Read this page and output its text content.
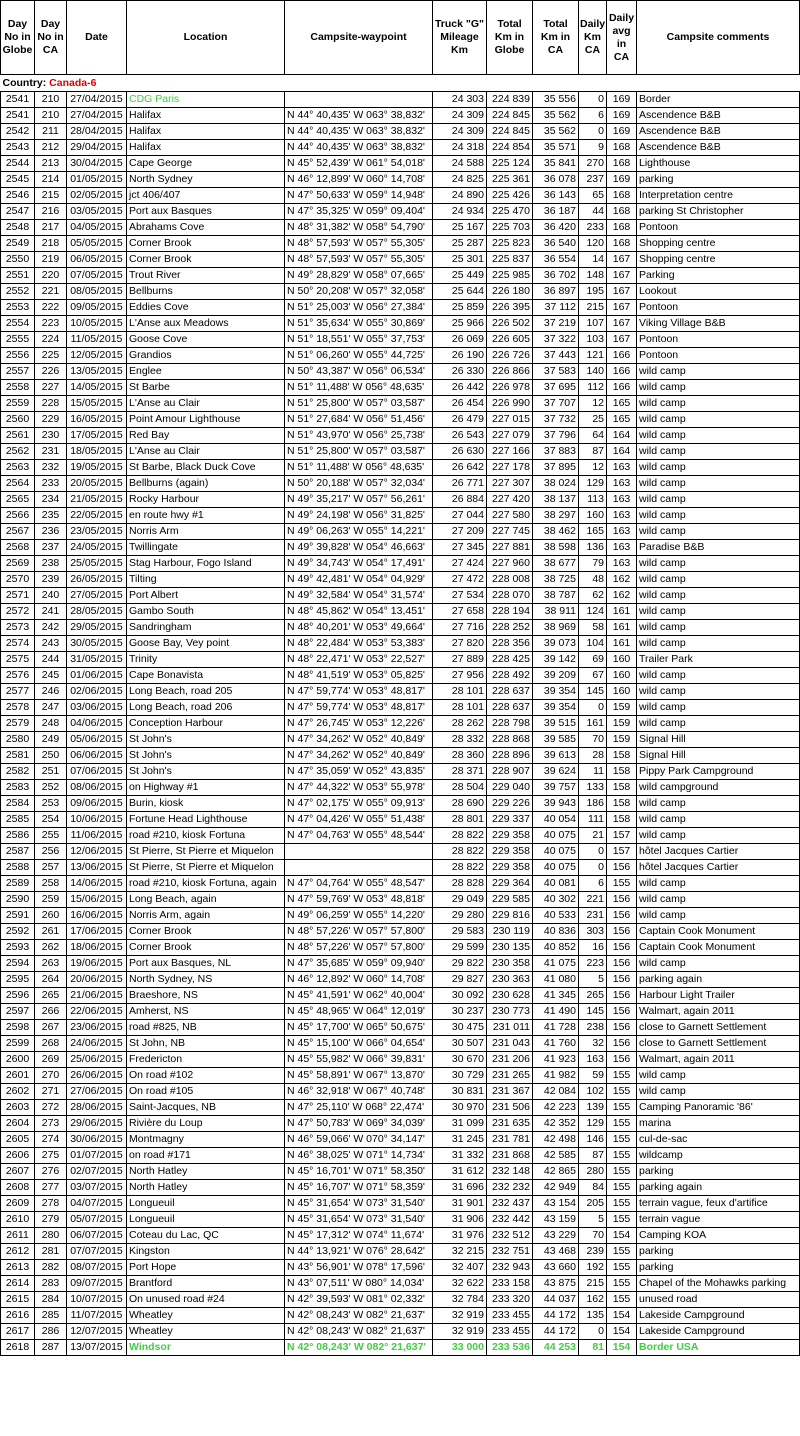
Day No in Globe	Day No in CA	Date	Location	Campsite-waypoint	Truck "G" Mileage Km	Total Km in Globe	Total Km in CA	Daily Km CA	Daily avg in CA	Campsite comments
Country: Canada-6										
2541	210	27/04/2015	CDG Paris		24 303	224 839	35 556	0	169	Border
2541	210	27/04/2015	Halifax	N 44° 40,435' W 063° 38,832'	24 309	224 845	35 562	6	169	Ascendence B&B
2542	211	28/04/2015	Halifax	N 44° 40,435' W 063° 38,832'	24 309	224 845	35 562	0	169	Ascendence B&B
2543	212	29/04/2015	Halifax	N 44° 40,435' W 063° 38,832'	24 318	224 854	35 571	9	168	Ascendence B&B
2544	213	30/04/2015	Cape George	N 45° 52,439' W 061° 54,018'	24 588	225 124	35 841	270	168	Lighthouse
2545	214	01/05/2015	North Sydney	N 46° 12,899' W 060° 14,708'	24 825	225 361	36 078	237	169	parking
2546	215	02/05/2015	jct 406/407	N 47° 50,633' W 059° 14,948'	24 890	225 426	36 143	65	168	Interpretation centre
2547	216	03/05/2015	Port aux Basques	N 47° 35,325' W 059° 09,404'	24 934	225 470	36 187	44	168	parking St Christopher
2548	217	04/05/2015	Abrahams Cove	N 48° 31,382' W 058° 54,790'	25 167	225 703	36 420	233	168	Pontoon
2549	218	05/05/2015	Corner Brook	N 48° 57,593' W 057° 55,305'	25 287	225 823	36 540	120	168	Shopping centre
2550	219	06/05/2015	Corner Brook	N 48° 57,593' W 057° 55,305'	25 301	225 837	36 554	14	167	Shopping centre
2551	220	07/05/2015	Trout River	N 49° 28,829' W 058° 07,665'	25 449	225 985	36 702	148	167	Parking
2552	221	08/05/2015	Bellburns	N 50° 20,208' W 057° 32,058'	25 644	226 180	36 897	195	167	Lookout
2553	222	09/05/2015	Eddies Cove	N 51° 25,003' W 056° 27,384'	25 859	226 395	37 112	215	167	Pontoon
2554	223	10/05/2015	L'Anse aux Meadows	N 51° 35,634' W 055° 30,869'	25 966	226 502	37 219	107	167	Viking Village B&B
2555	224	11/05/2015	Goose Cove	N 51° 18,551' W 055° 37,753'	26 069	226 605	37 322	103	167	Pontoon
2556	225	12/05/2015	Grandios	N 51° 06,260' W 055° 44,725'	26 190	226 726	37 443	121	166	Pontoon
2557	226	13/05/2015	Englee	N 50° 43,387' W 056° 06,534'	26 330	226 866	37 583	140	166	wild camp
2558	227	14/05/2015	St Barbe	N 51° 11,488' W 056° 48,635'	26 442	226 978	37 695	112	166	wild camp
2559	228	15/05/2015	L'Anse au Clair	N 51° 25,800' W 057° 03,587'	26 454	226 990	37 707	12	165	wild camp
2560	229	16/05/2015	Point Amour Lighthouse	N 51° 27,684' W 056° 51,456'	26 479	227 015	37 732	25	165	wild camp
2561	230	17/05/2015	Red Bay	N 51° 43,970' W 056° 25,738'	26 543	227 079	37 796	64	164	wild camp
2562	231	18/05/2015	L'Anse au Clair	N 51° 25,800' W 057° 03,587'	26 630	227 166	37 883	87	164	wild camp
2563	232	19/05/2015	St Barbe, Black Duck Cove	N 51° 11,488' W 056° 48,635'	26 642	227 178	37 895	12	163	wild camp
2564	233	20/05/2015	Bellburns (again)	N 50° 20,188' W 057° 32,034'	26 771	227 307	38 024	129	163	wild camp
2565	234	21/05/2015	Rocky Harbour	N 49° 35,217' W 057° 56,261'	26 884	227 420	38 137	113	163	wild camp
2566	235	22/05/2015	en route hwy #1	N 49° 24,198' W 056° 31,825'	27 044	227 580	38 297	160	163	wild camp
2567	236	23/05/2015	Norris Arm	N 49° 06,263' W 055° 14,221'	27 209	227 745	38 462	165	163	wild camp
2568	237	24/05/2015	Twillingate	N 49° 39,828' W 054° 46,663'	27 345	227 881	38 598	136	163	Paradise B&B
2569	238	25/05/2015	Stag Harbour, Fogo Island	N 49° 34,743' W 054° 17,491'	27 424	227 960	38 677	79	163	wild camp
2570	239	26/05/2015	Tilting	N 49° 42,481' W 054° 04,929'	27 472	228 008	38 725	48	162	wild camp
2571	240	27/05/2015	Port Albert	N 49° 32,584' W 054° 31,574'	27 534	228 070	38 787	62	162	wild camp
2572	241	28/05/2015	Gambo South	N 48° 45,862' W 054° 13,451'	27 658	228 194	38 911	124	161	wild camp
2573	242	29/05/2015	Sandringham	N 48° 40,201' W 053° 49,664'	27 716	228 252	38 969	58	161	wild camp
2574	243	30/05/2015	Goose Bay, Vey point	N 48° 22,484' W 053° 53,383'	27 820	228 356	39 073	104	161	wild camp
2575	244	31/05/2015	Trinity	N 48° 22,471' W 053° 22,527'	27 889	228 425	39 142	69	160	Trailer Park
2576	245	01/06/2015	Cape Bonavista	N 48° 41,519' W 053° 05,825'	27 956	228 492	39 209	67	160	wild camp
2577	246	02/06/2015	Long Beach, road 205	N 47° 59,774' W 053° 48,817'	28 101	228 637	39 354	145	160	wild camp
2578	247	03/06/2015	Long Beach, road 206	N 47° 59,774' W 053° 48,817'	28 101	228 637	39 354	0	159	wild camp
2579	248	04/06/2015	Conception Harbour	N 47° 26,745' W 053° 12,226'	28 262	228 798	39 515	161	159	wild camp
2580	249	05/06/2015	St John's	N 47° 34,262' W 052° 40,849'	28 332	228 868	39 585	70	159	Signal Hill
2581	250	06/06/2015	St John's	N 47° 34,262' W 052° 40,849'	28 360	228 896	39 613	28	158	Signal Hill
2582	251	07/06/2015	St John's	N 47° 35,059' W 052° 43,835'	28 371	228 907	39 624	11	158	Pippy Park Campground
2583	252	08/06/2015	on Highway #1	N 47° 44,322' W 053° 55,978'	28 504	229 040	39 757	133	158	wild campground
2584	253	09/06/2015	Burin, kiosk	N 47° 02,175' W 055° 09,913'	28 690	229 226	39 943	186	158	wild camp
2585	254	10/06/2015	Fortune Head Lighthouse	N 47° 04,426' W 055° 51,438'	28 801	229 337	40 054	111	158	wild camp
2586	255	11/06/2015	road #210, kiosk Fortuna	N 47° 04,763' W 055° 48,544'	28 822	229 358	40 075	21	157	wild camp
2587	256	12/06/2015	St Pierre, St Pierre et Miquelon		28 822	229 358	40 075	0	157	hôtel Jacques Cartier
2588	257	13/06/2015	St Pierre, St Pierre et Miquelon		28 822	229 358	40 075	0	156	hôtel Jacques Cartier
2589	258	14/06/2015	road #210, kiosk Fortuna, again	N 47° 04,764' W 055° 48,547'	28 828	229 364	40 081	6	155	wild camp
2590	259	15/06/2015	Long Beach, again	N 47° 59,769' W 053° 48,818'	29 049	229 585	40 302	221	156	wild camp
2591	260	16/06/2015	Norris Arm, again	N 49° 06,259' W 055° 14,220'	29 280	229 816	40 533	231	156	wild camp
2592	261	17/06/2015	Corner Brook	N 48° 57,226' W 057° 57,800'	29 583	230 119	40 836	303	156	Captain Cook Monument
2593	262	18/06/2015	Corner Brook	N 48° 57,226' W 057° 57,800'	29 599	230 135	40 852	16	156	Captain Cook Monument
2594	263	19/06/2015	Port aux Basques, NL	N 47° 35,685' W 059° 09,940'	29 822	230 358	41 075	223	156	wild camp
2595	264	20/06/2015	North Sydney, NS	N 46° 12,892' W 060° 14,708'	29 827	230 363	41 080	5	156	parking again
2596	265	21/06/2015	Braeshore, NS	N 45° 41,591' W 062° 40,004'	30 092	230 628	41 345	265	156	Harbour Light Trailer
2597	266	22/06/2015	Amherst, NS	N 45° 48,965' W 064° 12,019'	30 237	230 773	41 490	145	156	Walmart, again 2011
2598	267	23/06/2015	road #825, NB	N 45° 17,700' W 065° 50,675'	30 475	231 011	41 728	238	156	close to Garnett Settlement
2599	268	24/06/2015	St John, NB	N 45° 15,100' W 066° 04,654'	30 507	231 043	41 760	32	156	close to Garnett Settlement
2600	269	25/06/2015	Fredericton	N 45° 55,982' W 066° 39,831'	30 670	231 206	41 923	163	156	Walmart, again 2011
2601	270	26/06/2015	On road #102	N 45° 58,891' W 067° 13,870'	30 729	231 265	41 982	59	155	wild camp
2602	271	27/06/2015	On road #105	N 46° 32,918' W 067° 40,748'	30 831	231 367	42 084	102	155	wild camp
2603	272	28/06/2015	Saint-Jacques, NB	N 47° 25,110' W 068° 22,474'	30 970	231 506	42 223	139	155	Camping Panoramic '86'
2604	273	29/06/2015	Rivière du Loup	N 47° 50,783' W 069° 34,039'	31 099	231 635	42 352	129	155	marina
2605	274	30/06/2015	Montmagny	N 46° 59,066' W 070° 34,147'	31 245	231 781	42 498	146	155	cul-de-sac
2606	275	01/07/2015	on road #171	N 46° 38,025' W 071° 14,734'	31 332	231 868	42 585	87	155	wildcamp
2607	276	02/07/2015	North Hatley	N 45° 16,701' W 071° 58,350'	31 612	232 148	42 865	280	155	parking
2608	277	03/07/2015	North Hatley	N 45° 16,707' W 071° 58,359'	31 696	232 232	42 949	84	155	parking again
2609	278	04/07/2015	Longueuil	N 45° 31,654' W 073° 31,540'	31 901	232 437	43 154	205	155	terrain vague, feux d'artifice
2610	279	05/07/2015	Longueuil	N 45° 31,654' W 073° 31,540'	31 906	232 442	43 159	5	155	terrain vague
2611	280	06/07/2015	Coteau du Lac, QC	N 45° 17,312' W 074° 11,674'	31 976	232 512	43 229	70	154	Camping KOA
2612	281	07/07/2015	Kingston	N 44° 13,921' W 076° 28,642'	32 215	232 751	43 468	239	155	parking
2613	282	08/07/2015	Port Hope	N 43° 56,901' W 078° 17,596'	32 407	232 943	43 660	192	155	parking
2614	283	09/07/2015	Brantford	N 43° 07,511' W 080° 14,034'	32 622	233 158	43 875	215	155	Chapel of the Mohawks parking
2615	284	10/07/2015	On unused road #24	N 42° 39,593' W 081° 02,332'	32 784	233 320	44 037	162	155	unused road
2616	285	11/07/2015	Wheatley	N 42° 08,243' W 082° 21,637'	32 919	233 455	44 172	135	154	Lakeside Campground
2617	286	12/07/2015	Wheatley	N 42° 08,243' W 082° 21,637'	32 919	233 455	44 172	0	154	Lakeside Campground
2618	287	13/07/2015	Windsor	N 42° 08,243' W 082° 21,637'	33 000	233 536	44 253	81	154	Border USA
